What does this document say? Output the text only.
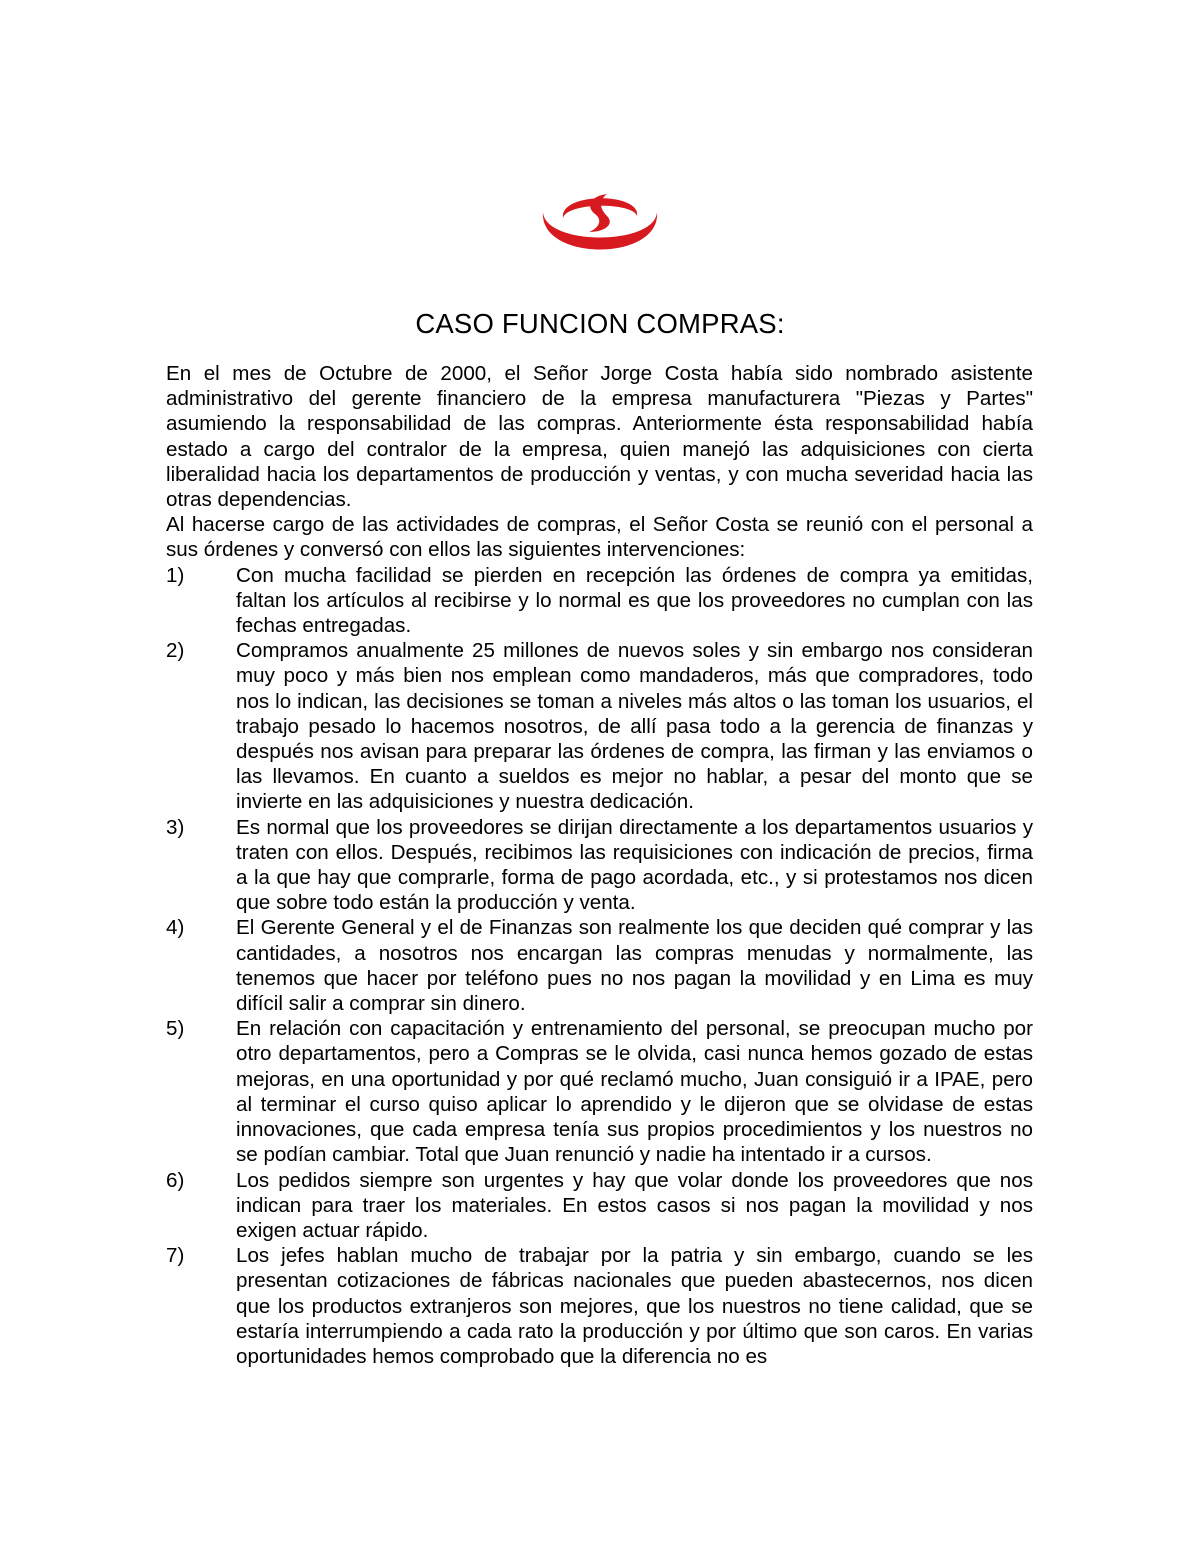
CASO FUNCION COMPRAS:

En el mes de Octubre de 2000, el Señor Jorge Costa había sido nombrado asistente administrativo del gerente financiero de la empresa manufacturera "Piezas y Partes" asumiendo la responsabilidad de las compras. Anteriormente ésta responsabilidad había estado a cargo del contralor de la empresa, quien manejó las adquisiciones con cierta liberalidad hacia los departamentos de producción y ventas, y con mucha severidad hacia las otras dependencias.

Al hacerse cargo de las actividades de compras, el Señor Costa se reunió con el personal a sus órdenes y conversó con ellos las siguientes intervenciones:

1)	Con mucha facilidad se pierden en recepción las órdenes de compra ya emitidas, faltan los artículos al recibirse y lo normal es que los proveedores no cumplan con las fechas entregadas.
2)	Compramos anualmente 25 millones de nuevos soles y sin embargo nos consideran muy poco y más bien nos emplean como mandaderos, más que compradores, todo nos lo indican, las decisiones se toman a niveles más altos o las toman los usuarios, el trabajo pesado lo hacemos nosotros, de allí pasa todo a la gerencia de finanzas y después nos avisan para preparar las órdenes de compra, las firman y las enviamos o las llevamos. En cuanto a sueldos es mejor no hablar, a pesar del monto que se invierte en las adquisiciones y nuestra dedicación.
3)	Es normal que los proveedores se dirijan directamente a los departamentos usuarios y traten con ellos. Después, recibimos las requisiciones con indicación de precios, firma a la que hay que comprarle, forma de pago acordada, etc., y si protestamos nos dicen que sobre todo están la producción y venta.
4)	El Gerente General y el de Finanzas son realmente los que deciden qué comprar y las cantidades, a nosotros nos encargan las compras menudas y normalmente, las tenemos que hacer por teléfono pues no nos pagan la movilidad y en Lima es muy difícil salir a comprar sin dinero.
5)	En relación con capacitación y entrenamiento del personal, se preocupan mucho por otro departamentos, pero a Compras se le olvida, casi nunca hemos gozado de estas mejoras, en una oportunidad y por qué reclamó mucho, Juan consiguió ir a IPAE, pero al terminar el curso quiso aplicar lo aprendido y le dijeron que se olvidase de estas innovaciones, que cada empresa tenía sus propios procedimientos y los nuestros no se podían cambiar. Total que Juan renunció y nadie ha intentado ir a cursos.
6)	Los pedidos siempre son urgentes y hay que volar donde los proveedores que nos indican para traer los materiales. En estos casos si nos pagan la movilidad y nos exigen actuar rápido.
7)	Los jefes hablan mucho de trabajar por la patria y sin embargo, cuando se les presentan cotizaciones de fábricas nacionales que pueden abastecernos, nos dicen que los productos extranjeros son mejores, que los nuestros no tiene calidad, que se estaría interrumpiendo a cada rato la producción y por último que son caros. En varias oportunidades hemos comprobado que la diferencia no es
